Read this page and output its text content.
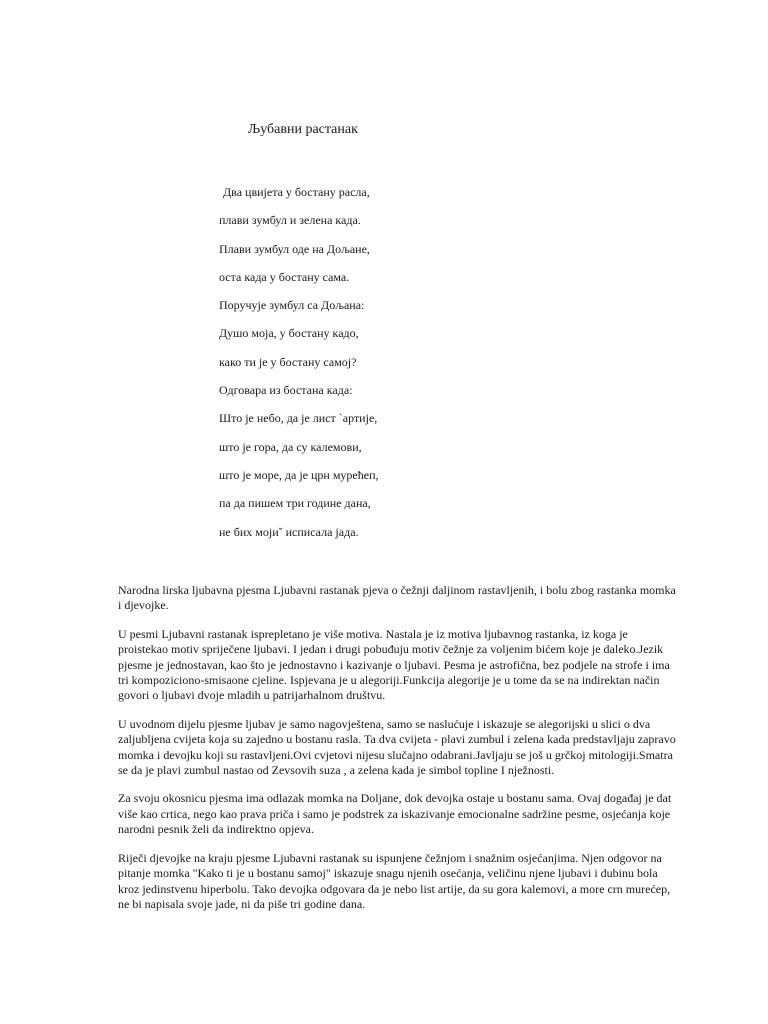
Љубавни растанак
Два цвијета у бостану расла,
плави зумбул и зелена када.
Плави зумбул оде на Дољане,
оста када у бостану сама.
Поручује зумбул са Дољана:
Душо моја, у бостану кадо,
како ти је у бостану самој?
Одговара из бостана када:
Што је небо, да је лист `артије,
што је гора, да су калемови,
што је море, да је црн мурећеп,
па да пишем три године дана,
не бих мојиˇ исписала јада.

Narodna lirska ljubavna pjesma Ljubavni rastanak pjeva o čežnji daljinom rastavljenih, i bolu zbog rastanka momka i djevojke.

U pesmi Ljubavni rastanak isprepletano je više motiva. Nastala je iz motiva ljubavnog rastanka, iz koga je proistekao motiv spriječene ljubavi. I jedan i drugi pobuđuju motiv čežnje za voljenim bićem koje je daleko.Jezik pjesme je jednostavan, kao što je jednostavno i kazivanje o ljubavi. Pesma je astrofična, bez podjele na strofe i ima tri kompoziciono-smisaone cjeline. Ispjevana je u alegoriji.Funkcija alegorije je u tome da se na indirektan način govori o ljubavi dvoje mladih u patrijarhalnom društvu.

U uvodnom dijelu pjesme ljubav je samo nagovještena, samo se naslućuje i iskazuje se alegorijski u slici o dva zaljubljena cvijeta koja su zajedno u bostanu rasla. Ta dva cvijeta - plavi zumbul i zelena kada predstavljaju zapravo momka i devojku koji su rastavljeni.Ovi cvjetovi nijesu slučajno odabrani.Javljaju se još u grčkoj mitologiji.Smatra se da je plavi zumbul nastao od Zevsovih suza , a zelena kada je simbol topline I nježnosti.

Za svoju okosnicu pjesma ima odlazak momka na Doljane, dok devojka ostaje u bostanu sama. Ovaj događaj je dat više kao crtica, nego kao prava priča i samo je podstrek za iskazivanje emocionalne sadržine pesme, osjećanja koje narodni pesnik želi da indirektno opjeva.

Riječi djevojke na kraju pjesme Ljubavni rastanak su ispunjene čežnjom i snažnim osjećanjima. Njen odgovor na pitanje momka "Kako ti je u bostanu samoj" iskazuje snagu njenih osećanja, veličinu njene ljubavi i dubinu bola kroz jedinstvenu hiperbolu. Tako devojka odgovara da je nebo list artije, da su gora kalemovi, a more crn murećep, ne bi napisala svoje jade, ni da piše tri godine dana.
